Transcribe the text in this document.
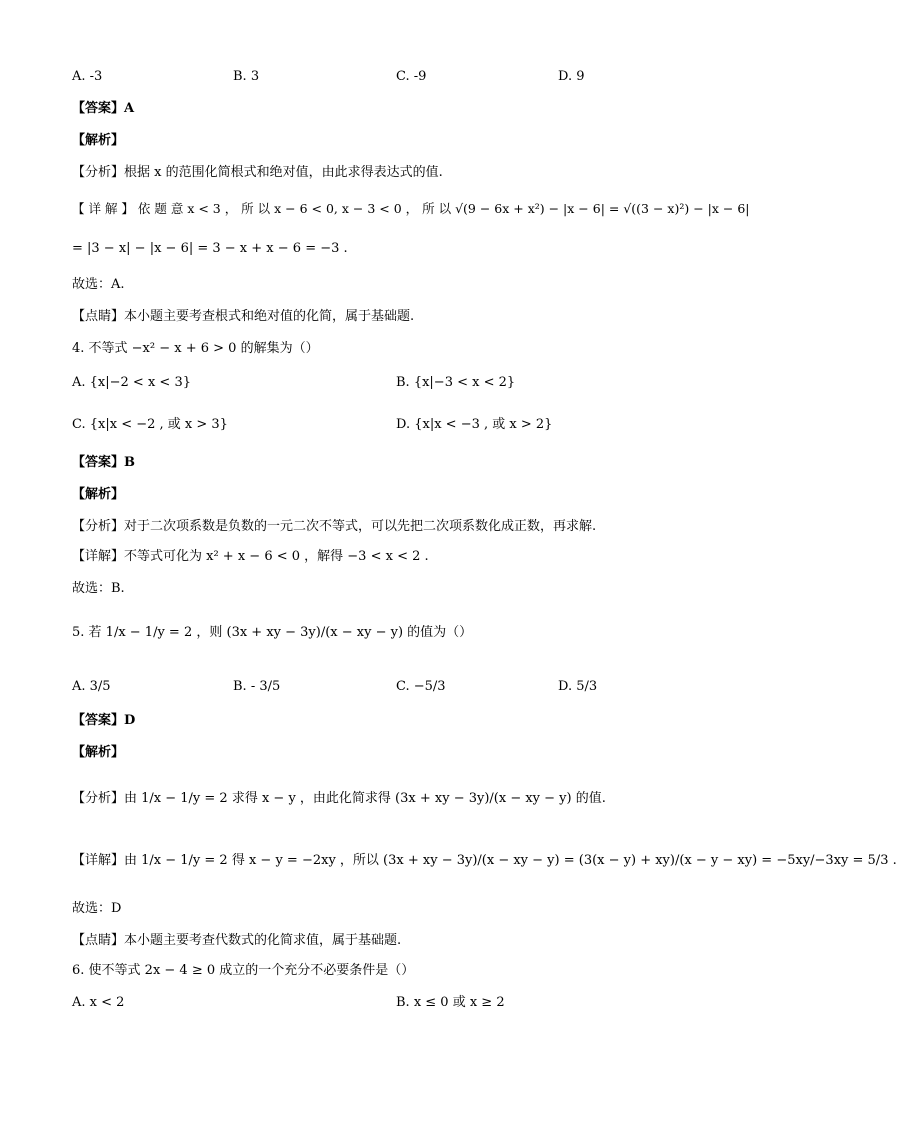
A. -3	B. 3	C. -9	D. 9
【答案】A
【解析】
【分析】根据 x 的范围化简根式和绝对值，由此求得表达式的值.
【 详 解 】 依 题 意 x < 3 ， 所 以 x − 6 < 0, x − 3 < 0 ， 所 以 √(9 − 6x + x²) − |x − 6| = √((3 − x)²) − |x − 6|
= |3 − x| − |x − 6| = 3 − x + x − 6 = −3 .
故选：A.
【点睛】本小题主要考查根式和绝对值的化简，属于基础题.
4. 不等式 −x² − x + 6 > 0 的解集为（）
A. {x|−2 < x < 3}	B. {x|−3 < x < 2}
C. {x|x < −2 , 或 x > 3}	D. {x|x < −3 , 或 x > 2}
【答案】B
【解析】
【分析】对于二次项系数是负数的一元二次不等式，可以先把二次项系数化成正数，再求解.
【详解】不等式可化为 x² + x − 6 < 0 ，解得 −3 < x < 2 .
故选：B.
5. 若 1/x − 1/y = 2 ，则 (3x + xy − 3y)/(x − xy − y) 的值为（）
A. 3/5	B. - 3/5	C. −5/3	D. 5/3
【答案】D
【解析】
【分析】由 1/x − 1/y = 2 求得 x − y ，由此化简求得 (3x + xy − 3y)/(x − xy − y) 的值.
【详解】由 1/x − 1/y = 2 得 x − y = −2xy ，所以 (3x + xy − 3y)/(x − xy − y) = (3(x − y) + xy)/(x − y − xy) = −5xy/−3xy = 5/3 .
故选：D
【点睛】本小题主要考查代数式的化简求值，属于基础题.
6. 使不等式 2x − 4 ≥ 0 成立的一个充分不必要条件是（）
A. x < 2	B. x ≤ 0 或 x ≥ 2
